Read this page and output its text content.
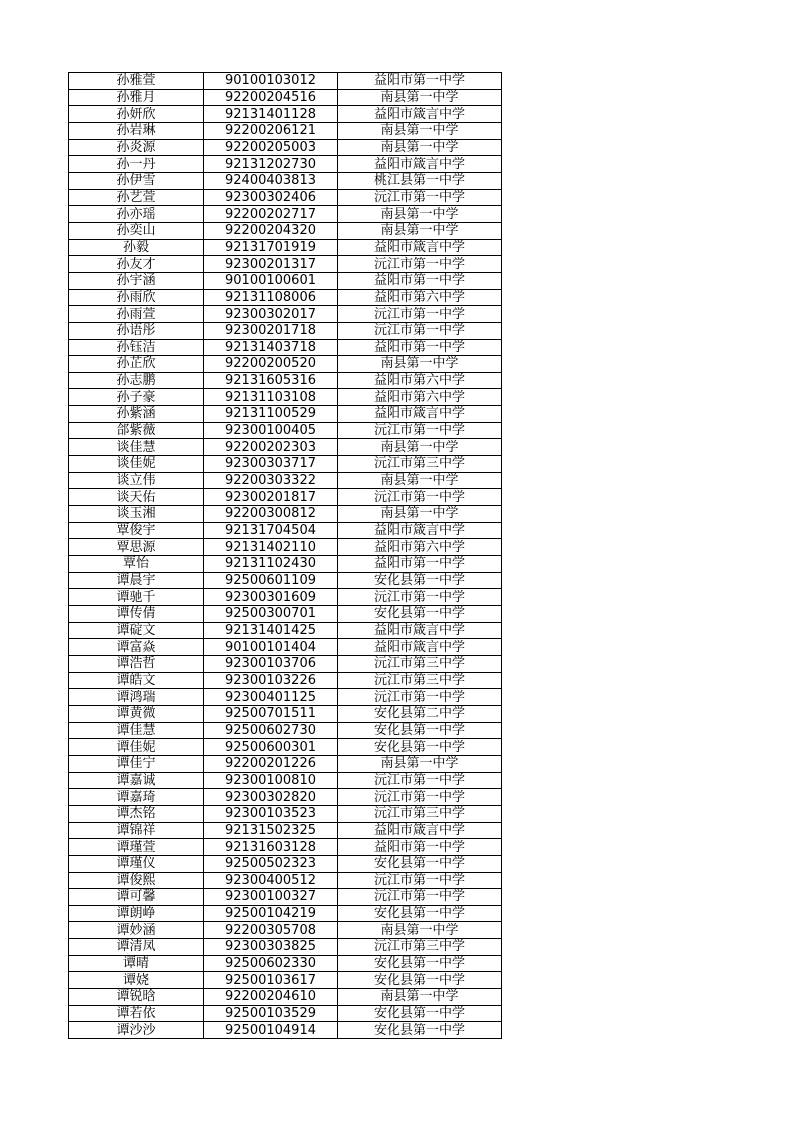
孙雅萱	90100103012	益阳市第一中学
孙雅月	92200204516	南县第一中学
孙妍欣	92131401128	益阳市箴言中学
孙岩琳	92200206121	南县第一中学
孙炎源	92200205003	南县第一中学
孙一丹	92131202730	益阳市箴言中学
孙伊雪	92400403813	桃江县第一中学
孙艺萱	92300302406	沅江市第一中学
孙亦瑶	92200202717	南县第一中学
孙奕山	92200204320	南县第一中学
孙毅	92131701919	益阳市箴言中学
孙友才	92300201317	沅江市第一中学
孙宇涵	90100100601	益阳市第一中学
孙雨欣	92131108006	益阳市第六中学
孙雨萱	92300302017	沅江市第一中学
孙语彤	92300201718	沅江市第一中学
孙钰洁	92131403718	益阳市第一中学
孙芷欣	92200200520	南县第一中学
孙志鹏	92131605316	益阳市第六中学
孙子豪	92131103108	益阳市第六中学
孙紫涵	92131100529	益阳市箴言中学
郃紫薇	92300100405	沅江市第一中学
谈佳慧	92200202303	南县第一中学
谈佳妮	92300303717	沅江市第三中学
谈立伟	92200303322	南县第一中学
谈天佑	92300201817	沅江市第一中学
谈玉湘	92200300812	南县第一中学
覃俊宇	92131704504	益阳市箴言中学
覃思源	92131402110	益阳市第六中学
覃怡	92131102430	益阳市第一中学
谭晨宇	92500601109	安化县第一中学
谭驰千	92300301609	沅江市第一中学
谭传倩	92500300701	安化县第一中学
谭碇文	92131401425	益阳市箴言中学
谭富焱	90100101404	益阳市箴言中学
谭浩哲	92300103706	沅江市第三中学
谭皓文	92300103226	沅江市第三中学
谭鸿瑞	92300401125	沅江市第一中学
谭黄微	92500701511	安化县第二中学
谭佳慧	92500602730	安化县第一中学
谭佳妮	92500600301	安化县第一中学
谭佳宁	92200201226	南县第一中学
谭嘉诚	92300100810	沅江市第一中学
谭嘉琦	92300302820	沅江市第一中学
谭杰铭	92300103523	沅江市第三中学
谭锦祥	92131502325	益阳市箴言中学
谭瑾萱	92131603128	益阳市第一中学
谭瑾仪	92500502323	安化县第一中学
谭俊熙	92300400512	沅江市第一中学
谭可馨	92300100327	沅江市第一中学
谭朗峥	92500104219	安化县第一中学
谭妙涵	92200305708	南县第一中学
谭清凤	92300303825	沅江市第三中学
谭晴	92500602330	安化县第一中学
谭娆	92500103617	安化县第一中学
谭锐晗	92200204610	南县第一中学
谭若依	92500103529	安化县第一中学
谭沙沙	92500104914	安化县第一中学
